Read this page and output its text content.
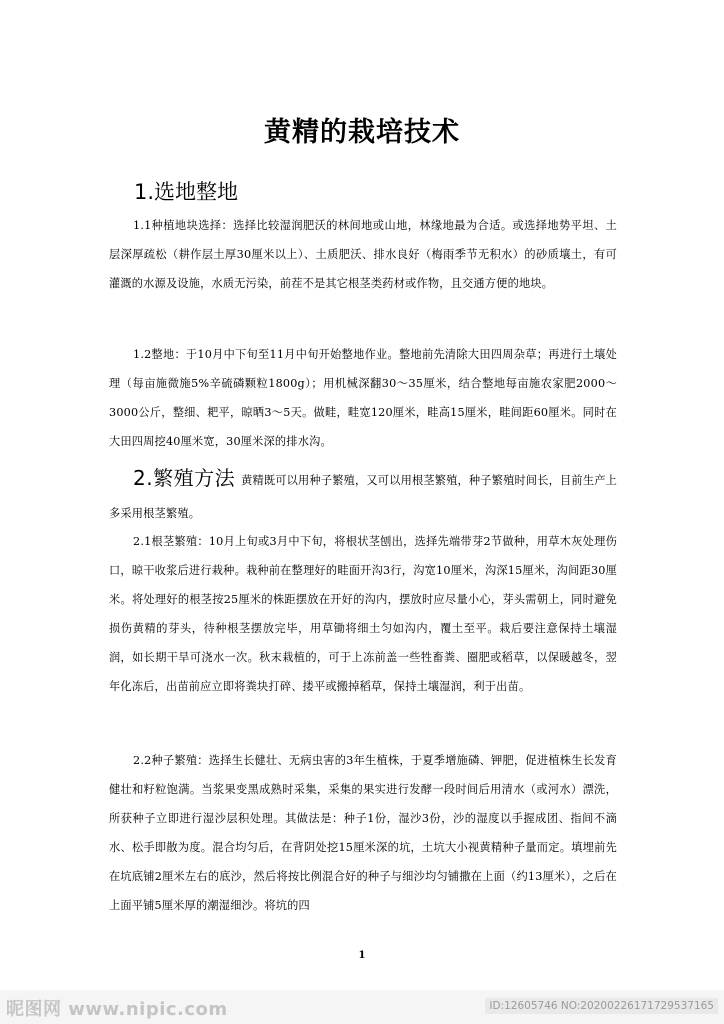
黄精的栽培技术
1.选地整地
1.1种植地块选择：选择比较湿润肥沃的林间地或山地，林缘地最为合适。或选择地势平坦、土层深厚疏松（耕作层土厚30厘米以上）、土质肥沃、排水良好（梅雨季节无积水）的砂质壤土，有可灌溉的水源及设施，水质无污染，前茬不是其它根茎类药材或作物，且交通方便的地块。
1.2整地：于10月中下旬至11月中旬开始整地作业。整地前先清除大田四周杂草；再进行土壤处理（每亩施微施5%辛硫磷颗粒1800g）；用机械深翻30～35厘米，结合整地每亩施农家肥2000～3000公斤，整细、耙平，晾晒3～5天。做畦，畦宽120厘米，畦高15厘米，畦间距60厘米。同时在大田四周挖40厘米宽，30厘米深的排水沟。
2.繁殖方法 黄精既可以用种子繁殖，又可以用根茎繁殖，种子繁殖时间长，目前生产上多采用根茎繁殖。
2.1根茎繁殖：10月上旬或3月中下旬，将根状茎刨出，选择先端带芽2节做种，用草木灰处理伤口，晾干收浆后进行栽种。栽种前在整理好的畦面开沟3行，沟宽10厘米，沟深15厘米，沟间距30厘米。将处理好的根茎按25厘米的株距摆放在开好的沟内，摆放时应尽量小心，芽头需朝上，同时避免损伤黄精的芽头，待种根茎摆放完毕，用草锄将细土匀如沟内，覆土至平。栽后要注意保持土壤湿润，如长期干旱可浇水一次。秋末栽植的，可于上冻前盖一些牲畜粪、圈肥或稻草，以保暖越冬，翌年化冻后，出苗前应立即将粪块打碎、搂平或搬掉稻草，保持土壤湿润，利于出苗。
2.2种子繁殖：选择生长健壮、无病虫害的3年生植株，于夏季增施磷、钾肥，促进植株生长发育健壮和籽粒饱满。当浆果变黑成熟时采集，采集的果实进行发酵一段时间后用清水（或河水）漂洗，所获种子立即进行湿沙层积处理。其做法是：种子1份，湿沙3份，沙的湿度以手握成团、指间不滴水、松手即散为度。混合均匀后，在背阴处挖15厘米深的坑，土坑大小视黄精种子量而定。填埋前先在坑底铺2厘米左右的底沙，然后将按比例混合好的种子与细沙均匀铺撒在上面（约13厘米），之后在上面平铺5厘米厚的潮湿细沙。将坑的四
1
昵图网 www.nipic.com	ID:12605746 NO:20200226171729537165
